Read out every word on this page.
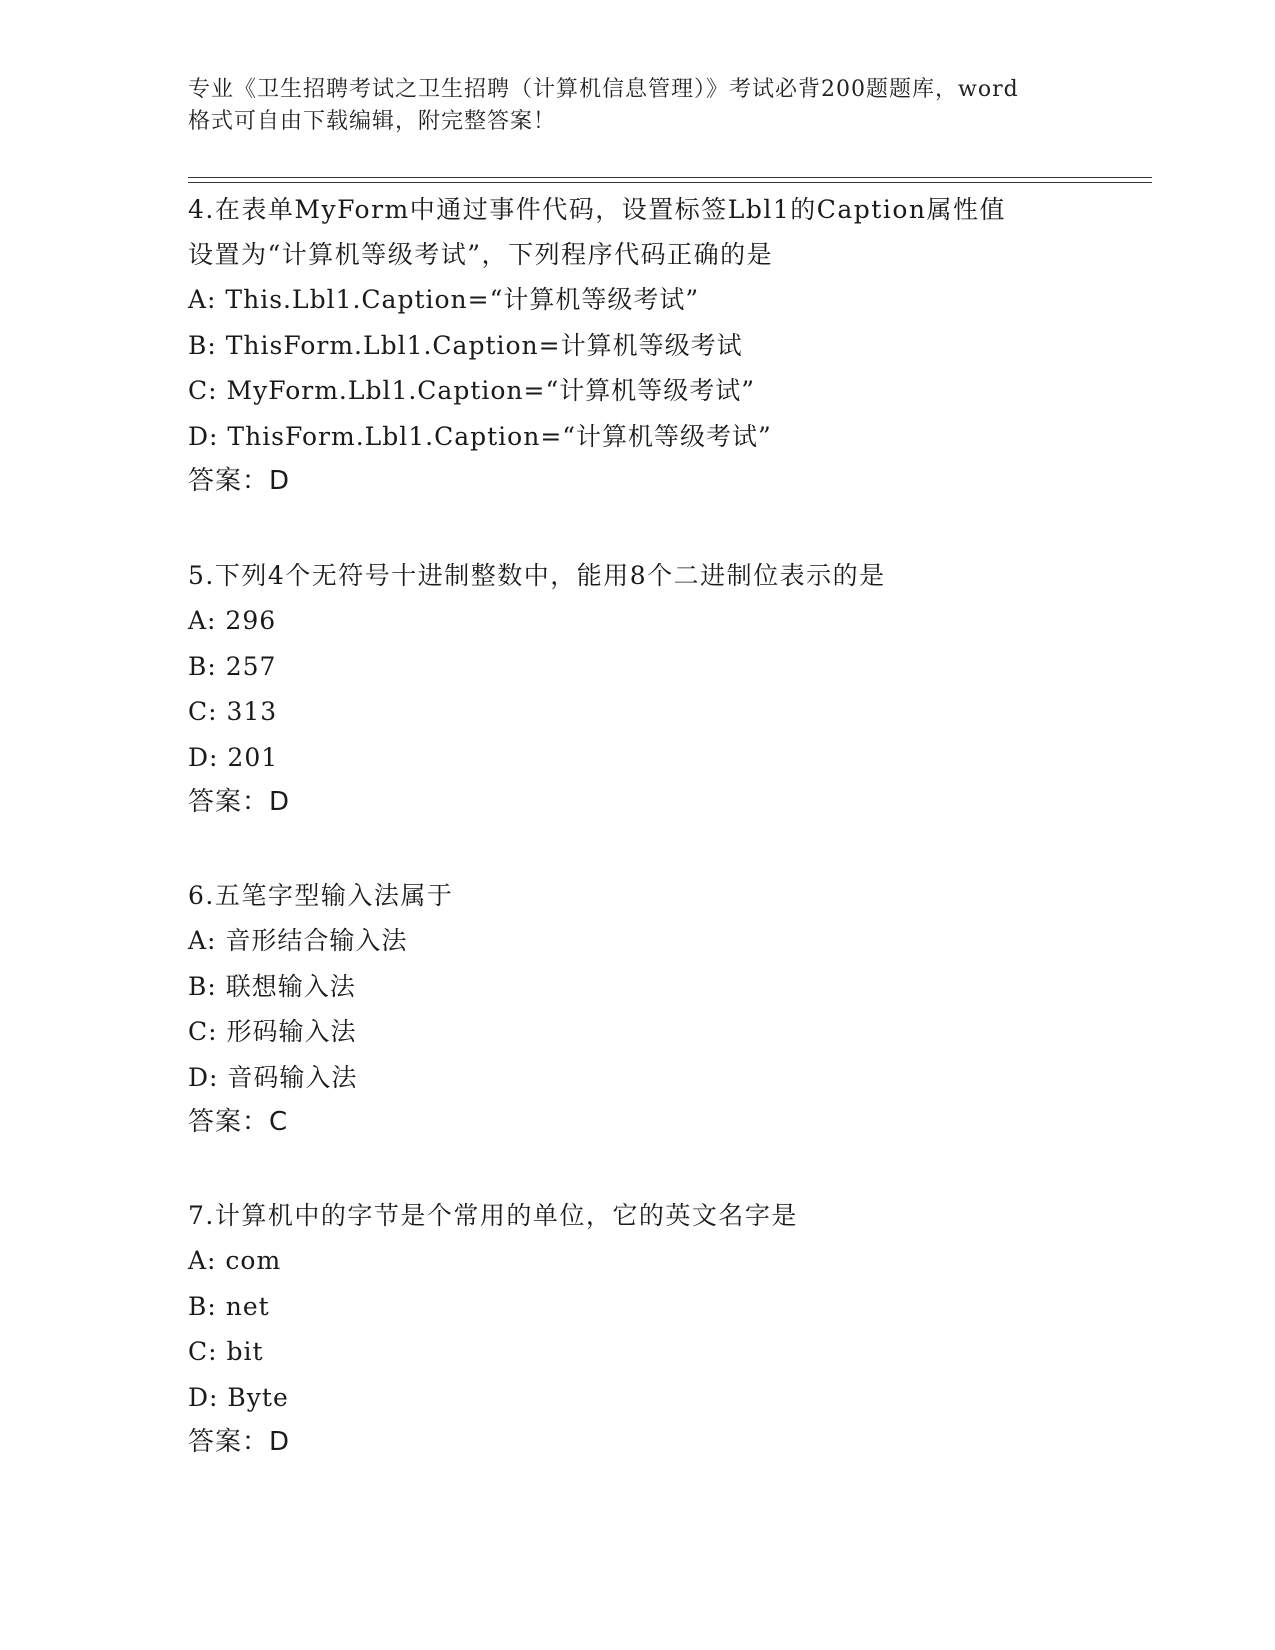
专业《卫生招聘考试之卫生招聘（计算机信息管理）》考试必背200题题库，word
格式可自由下载编辑，附完整答案！

4.在表单MyForm中通过事件代码，设置标签Lbl1的Caption属性值

设置为“计算机等级考试”，下列程序代码正确的是

A: This.Lbl1.Caption=“计算机等级考试”

B: ThisForm.Lbl1.Caption=计算机等级考试

C: MyForm.Lbl1.Caption=“计算机等级考试”

D: ThisForm.Lbl1.Caption=“计算机等级考试”

答案：D

5.下列4个无符号十进制整数中，能用8个二进制位表示的是

A: 296

B: 257

C: 313

D: 201

答案：D

6.五笔字型输入法属于

A: 音形结合输入法

B: 联想输入法

C: 形码输入法

D: 音码输入法

答案：C

7.计算机中的字节是个常用的单位，它的英文名字是

A: com

B: net

C: bit

D: Byte

答案：D
